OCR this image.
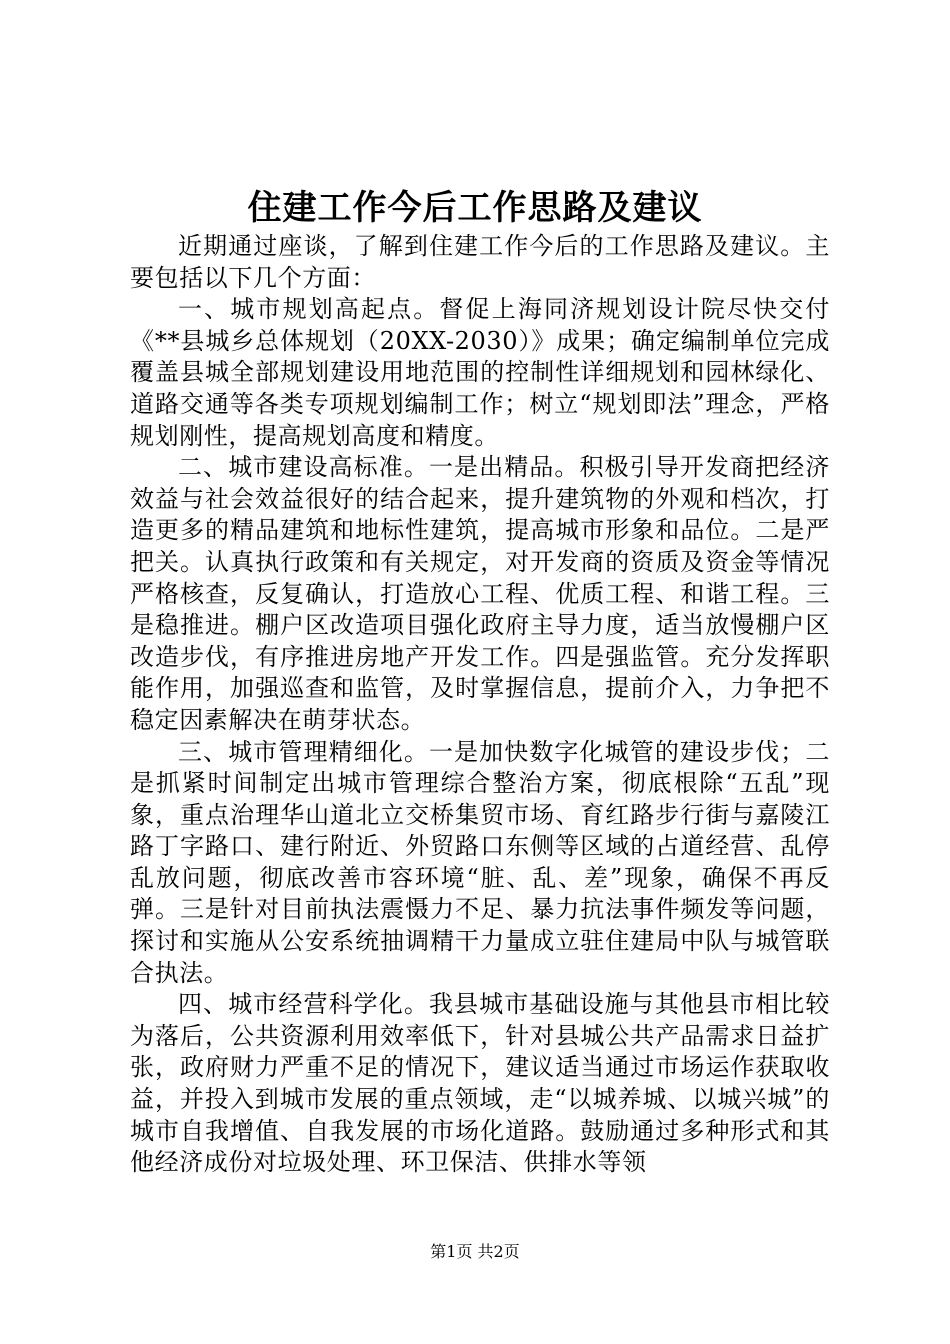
住建工作今后工作思路及建议

近期通过座谈，了解到住建工作今后的工作思路及建议。主要包括以下几个方面：

一、城市规划高起点。督促上海同济规划设计院尽快交付《**县城乡总体规划（20XX-2030）》成果；确定编制单位完成覆盖县城全部规划建设用地范围的控制性详细规划和园林绿化、道路交通等各类专项规划编制工作；树立“规划即法”理念，严格规划刚性，提高规划高度和精度。

二、城市建设高标准。一是出精品。积极引导开发商把经济效益与社会效益很好的结合起来，提升建筑物的外观和档次，打造更多的精品建筑和地标性建筑，提高城市形象和品位。二是严把关。认真执行政策和有关规定，对开发商的资质及资金等情况严格核查，反复确认，打造放心工程、优质工程、和谐工程。三是稳推进。棚户区改造项目强化政府主导力度，适当放慢棚户区改造步伐，有序推进房地产开发工作。四是强监管。充分发挥职能作用，加强巡查和监管，及时掌握信息，提前介入，力争把不稳定因素解决在萌芽状态。

三、城市管理精细化。一是加快数字化城管的建设步伐；二是抓紧时间制定出城市管理综合整治方案，彻底根除“五乱”现象，重点治理华山道北立交桥集贸市场、育红路步行街与嘉陵江路丁字路口、建行附近、外贸路口东侧等区域的占道经营、乱停乱放问题，彻底改善市容环境“脏、乱、差”现象，确保不再反弹。三是针对目前执法震慑力不足、暴力抗法事件频发等问题，探讨和实施从公安系统抽调精干力量成立驻住建局中队与城管联合执法。

四、城市经营科学化。我县城市基础设施与其他县市相比较为落后，公共资源利用效率低下，针对县城公共产品需求日益扩张，政府财力严重不足的情况下，建议适当通过市场运作获取收益，并投入到城市发展的重点领域，走“以城养城、以城兴城”的城市自我增值、自我发展的市场化道路。鼓励通过多种形式和其他经济成份对垃圾处理、环卫保洁、供排水等领

第1页 共2页
